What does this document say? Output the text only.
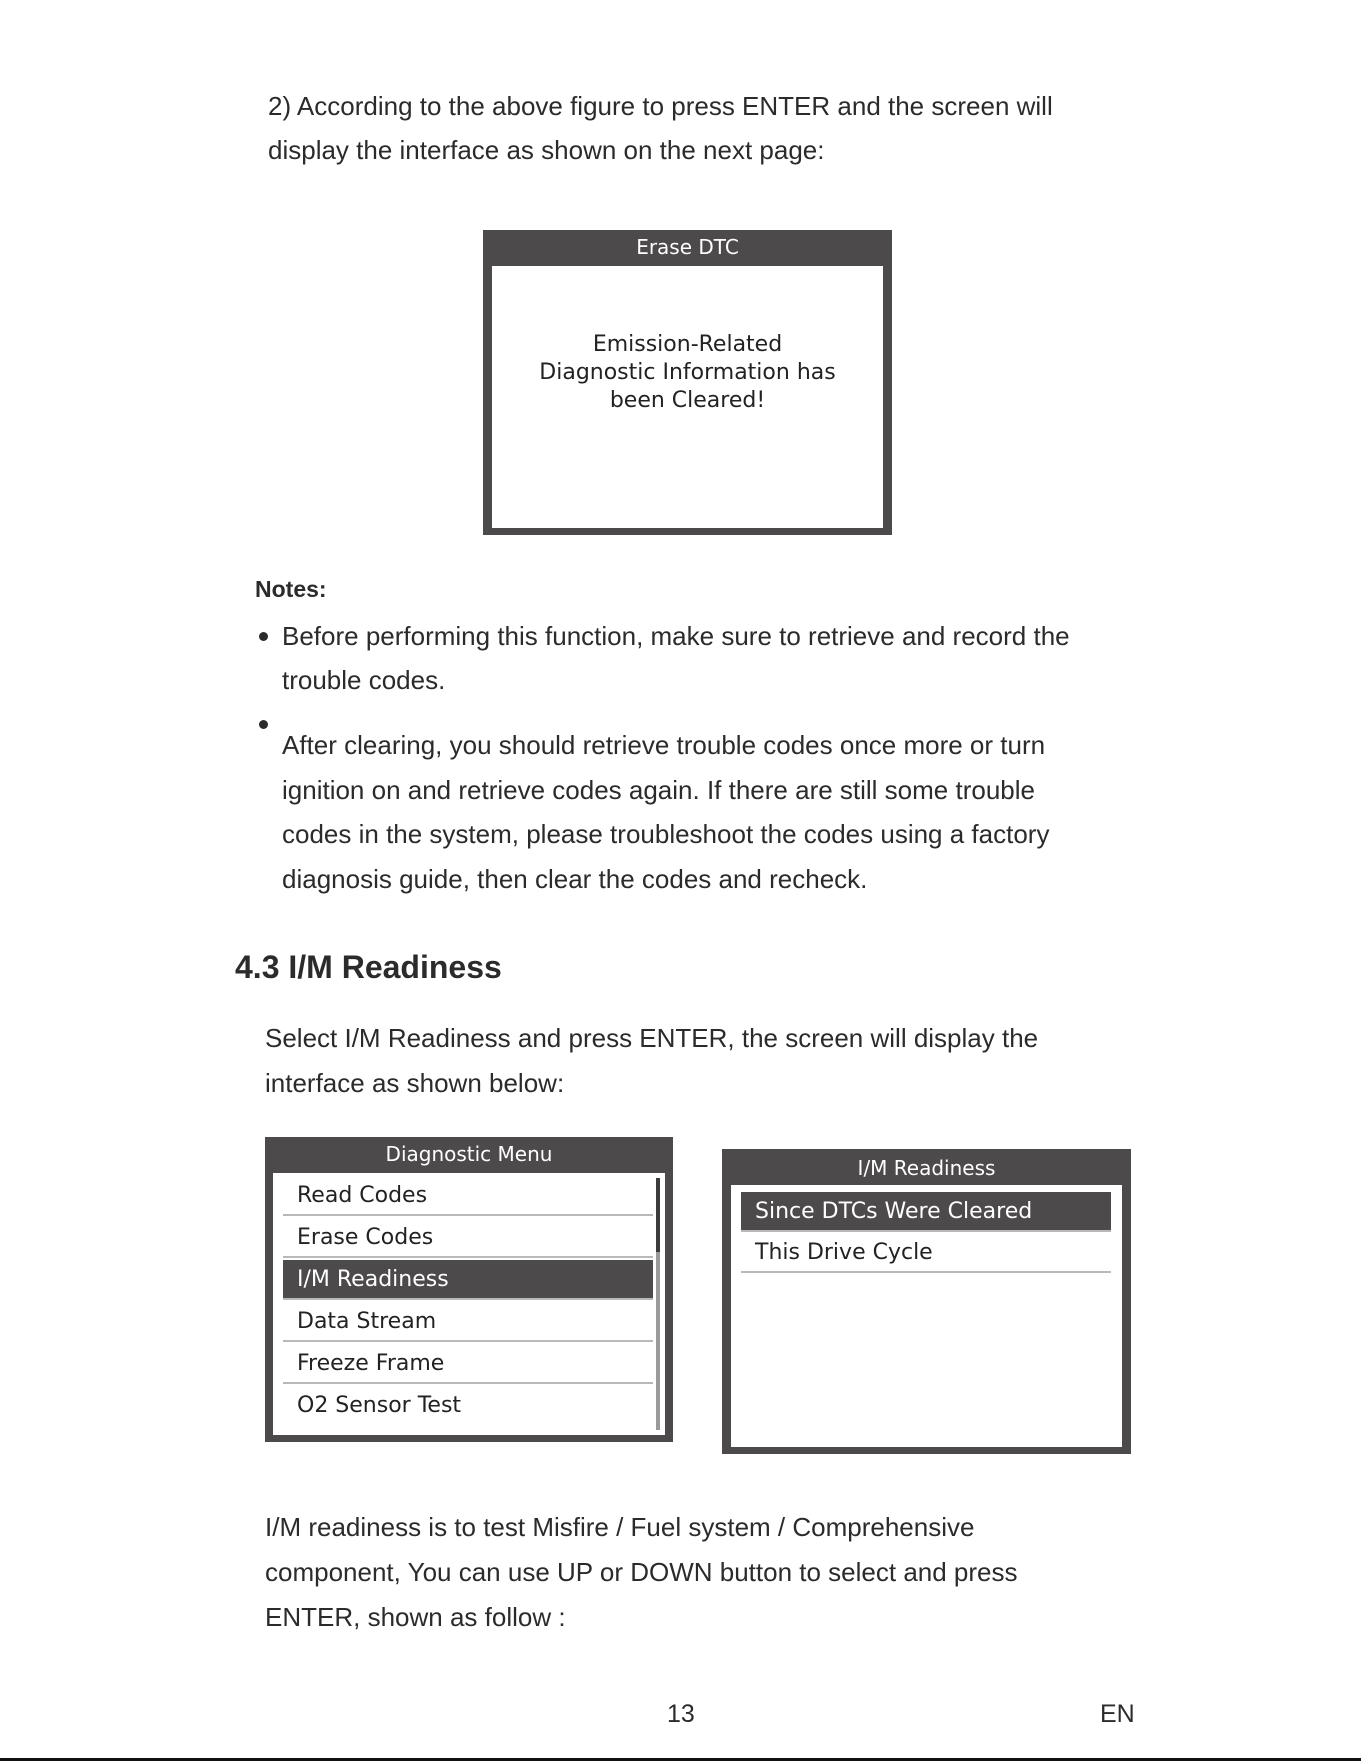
2) According to the above figure to press ENTER and the screen will
display the interface as shown on the next page:
Erase DTC
Emission-Related
Diagnostic Information has
been Cleared!
Notes:
Before performing this function, make sure to retrieve and record the
trouble codes.
After clearing, you should retrieve trouble codes once more or turn
ignition on and retrieve codes again. If there are still some trouble
codes in the system, please troubleshoot the codes using a factory
diagnosis guide, then clear the codes and recheck.
4.3 I/M Readiness
Select I/M Readiness and press ENTER, the screen will display the
interface as shown below:
Diagnostic Menu
Read Codes
Erase Codes
I/M Readiness
Data Stream
Freeze Frame
O2 Sensor Test
I/M Readiness
Since DTCs Were Cleared
This Drive Cycle
I/M readiness is to test Misfire / Fuel system / Comprehensive
component, You can use UP or DOWN button to select and press
ENTER, shown as follow :
13	EN
